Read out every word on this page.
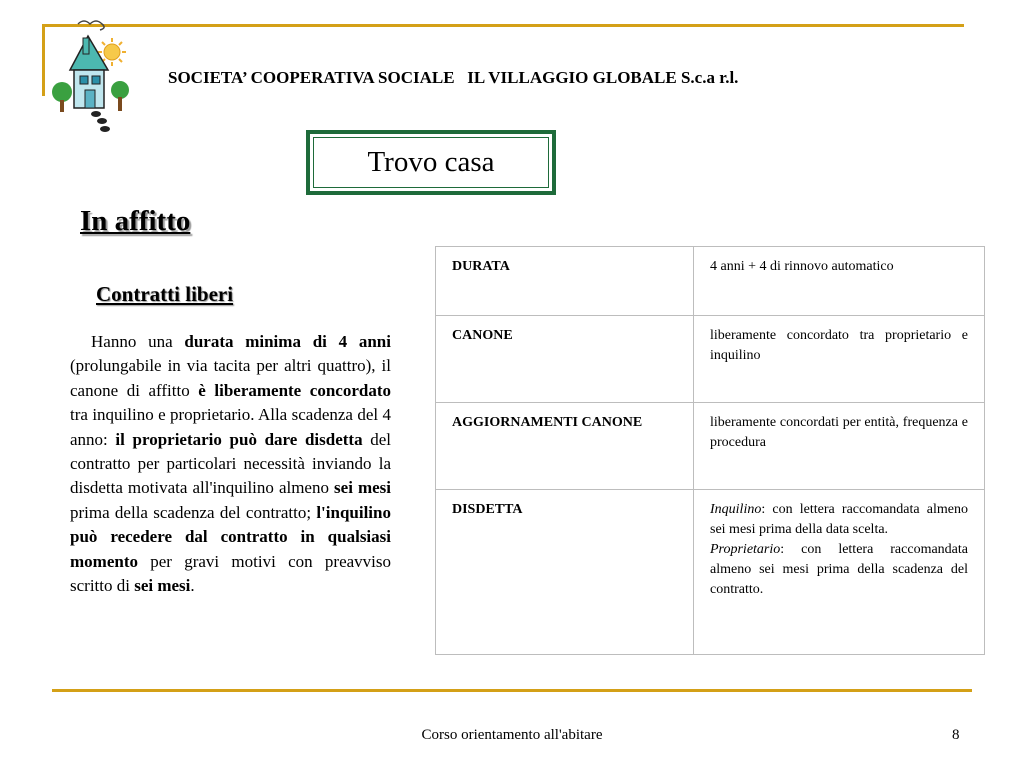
SOCIETA’ COOPERATIVA SOCIALE   IL VILLAGGIO GLOBALE S.c.a r.l.
Trovo casa
In affitto
Contratti liberi

Hanno una durata minima di 4 anni (prolungabile in via tacita per altri quattro), il canone di affitto è liberamente concordato tra inquilino e proprietario. Alla scadenza del 4 anno: il proprietario può dare disdetta del contratto per particolari necessità inviando la disdetta motivata all'inquilino almeno sei mesi prima della scadenza del contratto; l'inquilino può recedere dal contratto in qualsiasi momento per gravi motivi con preavviso scritto di sei mesi.

DURATA	4 anni + 4 di rinnovo automatico
CANONE	liberamente concordato tra proprietario e inquilino
AGGIORNAMENTI CANONE	liberamente concordati per entità, frequenza e procedura
DISDETTA	Inquilino: con lettera raccomandata almeno sei mesi prima della data scelta.
Proprietario: con lettera raccomandata almeno sei mesi prima della scadenza del contratto.
Corso orientamento all'abitare	8
